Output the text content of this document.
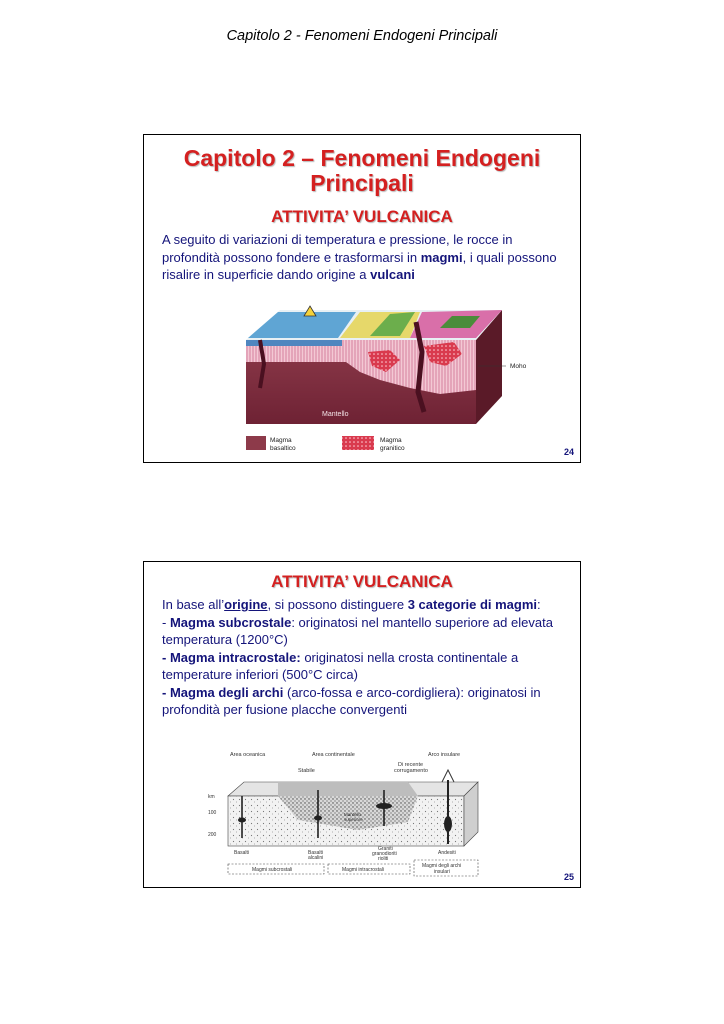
Capitolo 2 - Fenomeni Endogeni Principali
Capitolo 2 – Fenomeni Endogeni
Principali
ATTIVITA’ VULCANICA
A seguito di variazioni di temperatura e pressione, le rocce in profondità possono fondere e trasformarsi in magmi, i quali possono risalire in superficie dando origine a vulcani
Mantello
Moho
Magma
basaltico
Magma
granitico	24
ATTIVITA’ VULCANICA
In base all’origine, si possono distinguere 3 categorie di magmi:
- Magma subcrostale: originatosi nel mantello superiore ad elevata temperatura (1200°C)
- Magma intracrostale: originatosi nella crosta continentale a temperature inferiori (500°C circa)
- Magma degli archi (arco-fossa e arco-cordigliera): originatosi in profondità per fusione placche convergenti
Area oceanica	Area continentale	Arco insulare
Stabile
Di recente
corrugamento
Mantello
superiore
km
100
200
Basalti	Basalti
alcalini
Graniti
granodioriti
rioliti
Andesiti
Magmi subcrostali	Magmi intracrostali
Magmi degli archi
insulari	25
